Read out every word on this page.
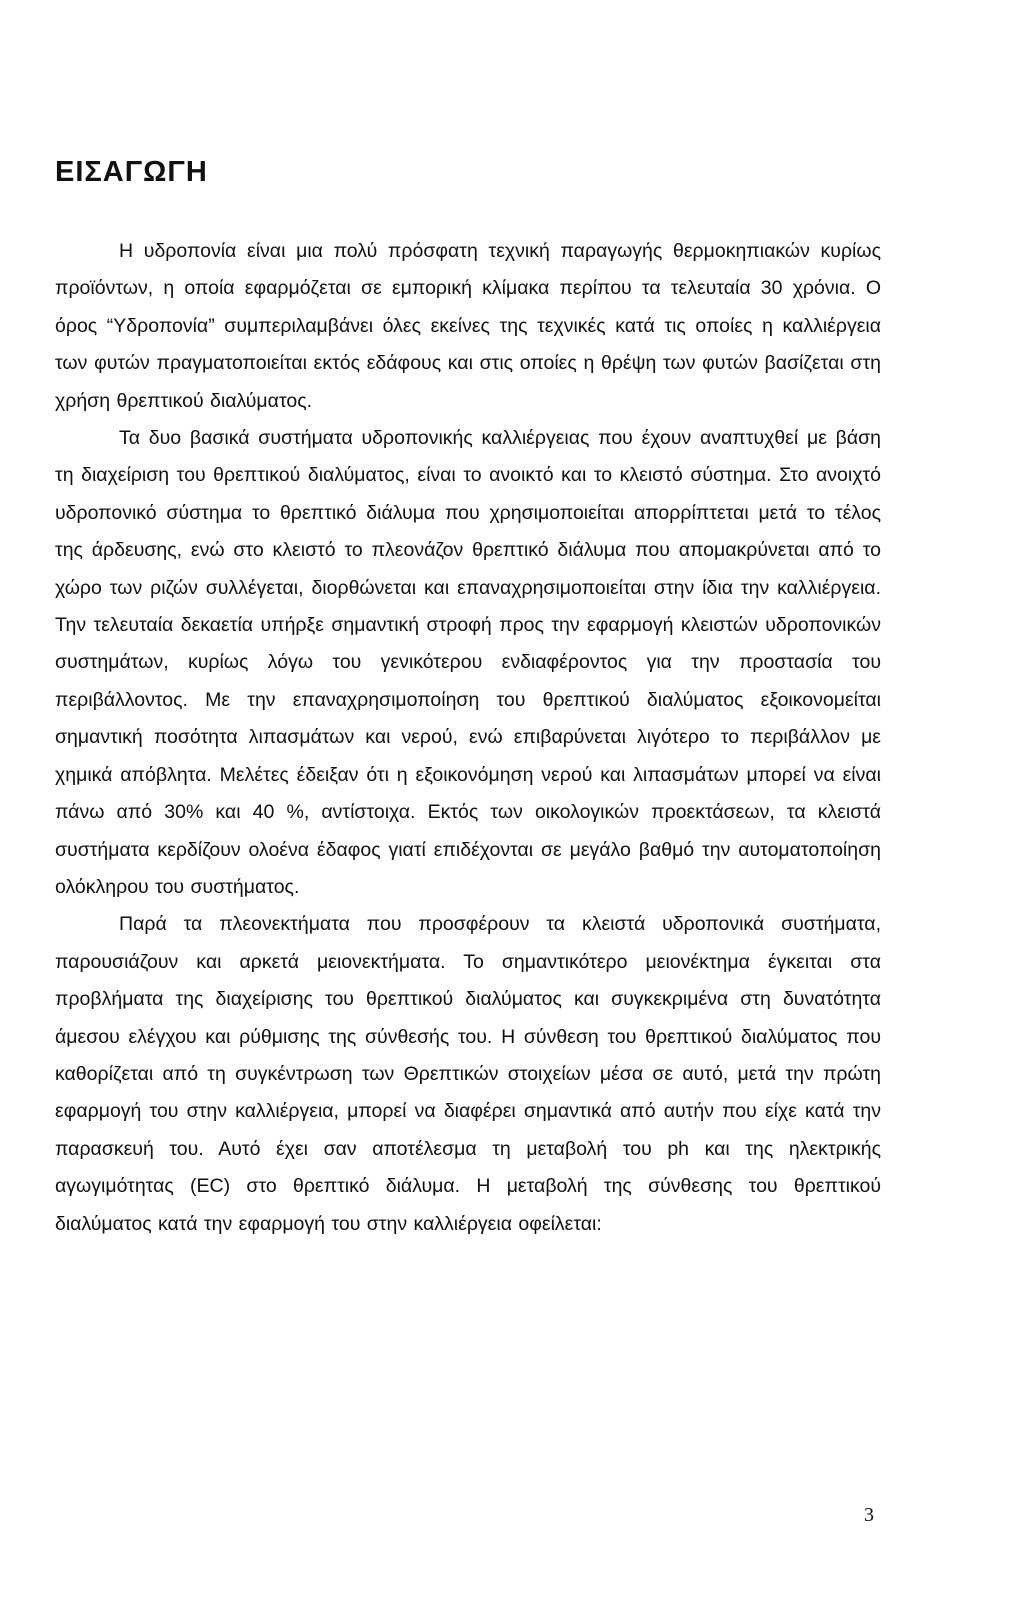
ΕΙΣΑΓΩΓΗ

Η υδροπονία είναι μια πολύ πρόσφατη τεχνική παραγωγής θερμοκηπιακών κυρίως προϊόντων, η οποία εφαρμόζεται σε εμπορική κλίμακα περίπου τα τελευταία 30 χρόνια. Ο όρος “Υδροπονία” συμπεριλαμβάνει όλες εκείνες της τεχνικές κατά τις οποίες η καλλιέργεια των φυτών πραγματοποιείται εκτός εδάφους και στις οποίες η θρέψη των φυτών βασίζεται στη χρήση θρεπτικού διαλύματος.

Τα δυο βασικά συστήματα υδροπονικής καλλιέργειας που έχουν αναπτυχθεί με βάση τη διαχείριση του θρεπτικού διαλύματος, είναι το ανοικτό και το κλειστό σύστημα. Στο ανοιχτό υδροπονικό σύστημα το θρεπτικό διάλυμα που χρησιμοποιείται απορρίπτεται μετά το τέλος της άρδευσης, ενώ στο κλειστό το πλεονάζον θρεπτικό διάλυμα που απομακρύνεται από το χώρο των ριζών συλλέγεται, διορθώνεται και επαναχρησιμοποιείται στην ίδια την καλλιέργεια. Την τελευταία δεκαετία υπήρξε σημαντική στροφή προς την εφαρμογή κλειστών υδροπονικών συστημάτων, κυρίως λόγω του γενικότερου ενδιαφέροντος για την προστασία του περιβάλλοντος. Με την επαναχρησιμοποίηση του θρεπτικού διαλύματος εξοικονομείται σημαντική ποσότητα λιπασμάτων και νερού, ενώ επιβαρύνεται λιγότερο το περιβάλλον με χημικά απόβλητα. Μελέτες έδειξαν ότι η εξοικονόμηση νερού και λιπασμάτων μπορεί να είναι πάνω από 30% και 40 %, αντίστοιχα. Εκτός των οικολογικών προεκτάσεων, τα κλειστά συστήματα κερδίζουν ολοένα έδαφος γιατί επιδέχονται σε μεγάλο βαθμό την αυτοματοποίηση ολόκληρου του συστήματος.

Παρά τα πλεονεκτήματα που προσφέρουν τα κλειστά υδροπονικά συστήματα, παρουσιάζουν και αρκετά μειονεκτήματα. Το σημαντικότερο μειονέκτημα έγκειται στα προβλήματα της διαχείρισης του θρεπτικού διαλύματος και συγκεκριμένα στη δυνατότητα άμεσου ελέγχου και ρύθμισης της σύνθεσής του. Η σύνθεση του θρεπτικού διαλύματος που καθορίζεται από τη συγκέντρωση των Θρεπτικών στοιχείων μέσα σε αυτό, μετά την πρώτη εφαρμογή του στην καλλιέργεια, μπορεί να διαφέρει σημαντικά από αυτήν που είχε κατά την παρασκευή του. Αυτό έχει σαν αποτέλεσμα τη μεταβολή του ph και της ηλεκτρικής αγωγιμότητας (EC) στο θρεπτικό διάλυμα. Η μεταβολή της σύνθεσης του θρεπτικού διαλύματος κατά την εφαρμογή του στην καλλιέργεια οφείλεται:

3
